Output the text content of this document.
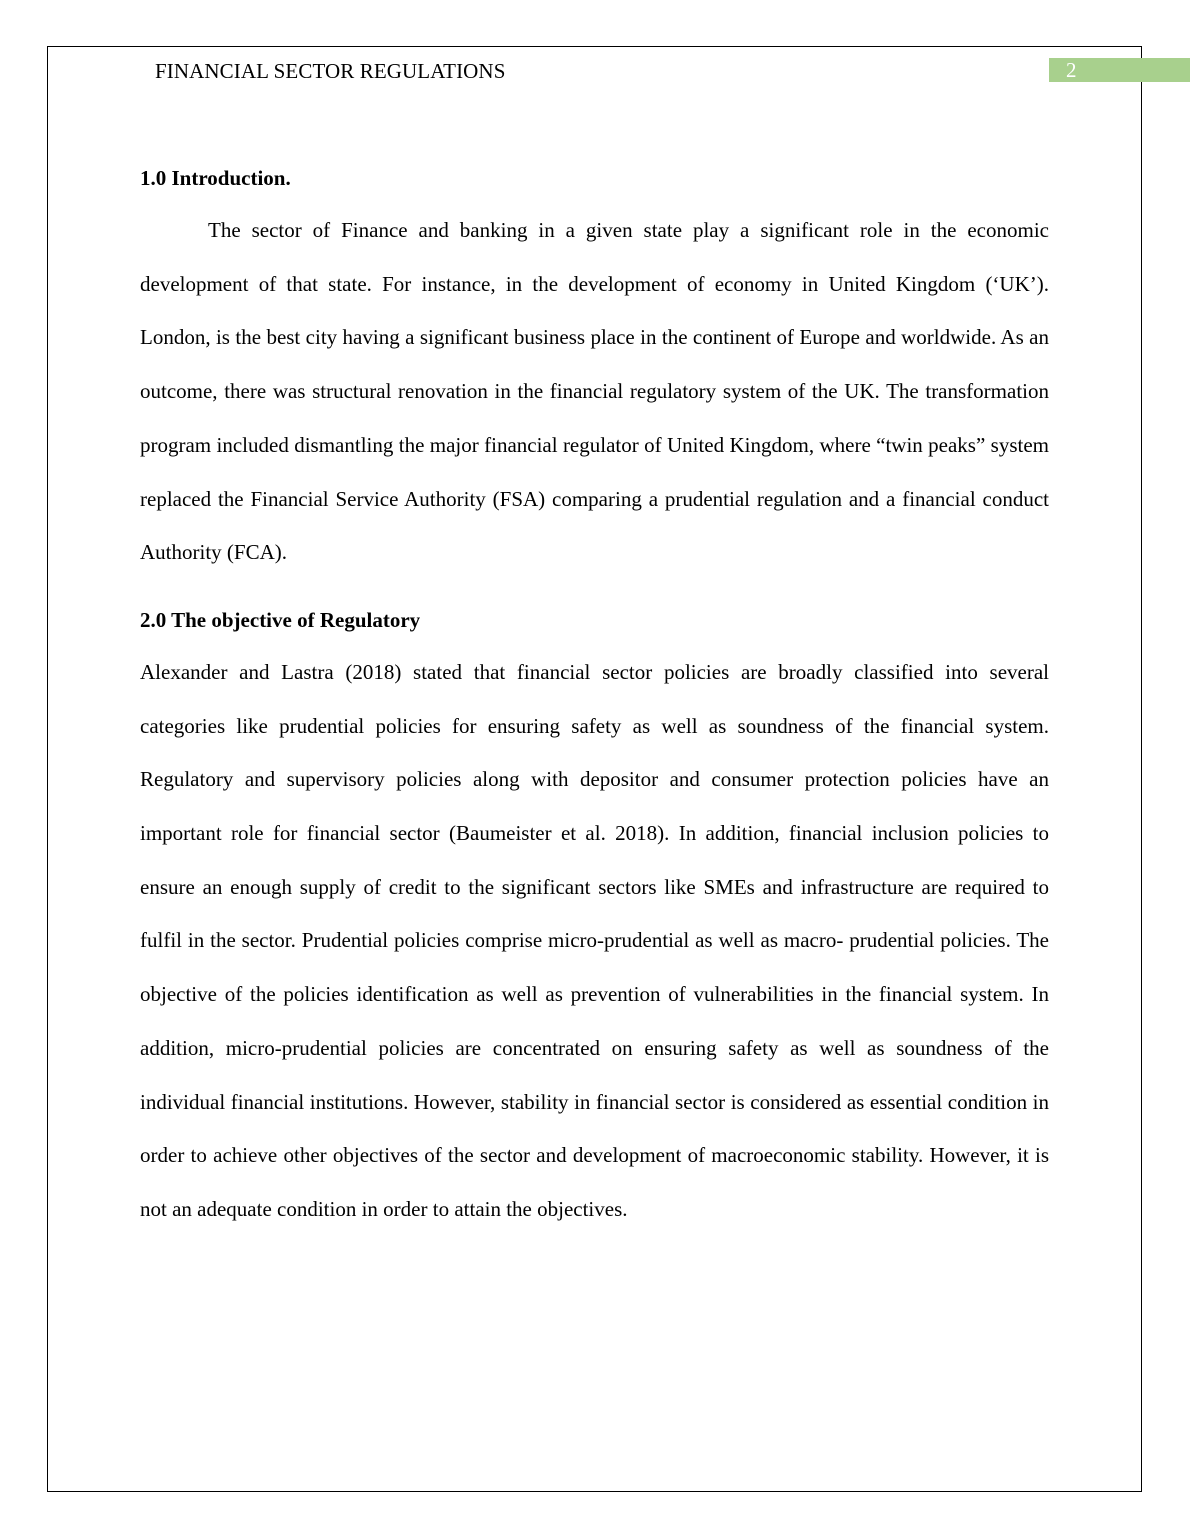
FINANCIAL SECTOR REGULATIONS	2
1.0 Introduction.

The sector of Finance and banking in a given state play a significant role in the economic development of that state. For instance, in the development of economy in United Kingdom (‘UK’). London, is the best city having a significant business place in the continent of Europe and worldwide. As an outcome, there was structural renovation in the financial regulatory system of the UK. The transformation program included dismantling the major financial regulator of United Kingdom, where “twin peaks” system replaced the Financial Service Authority (FSA) comparing a prudential regulation and a financial conduct Authority (FCA).

2.0 The objective of Regulatory

Alexander and Lastra (2018) stated that financial sector policies are broadly classified into several categories like prudential policies for ensuring safety as well as soundness of the financial system. Regulatory and supervisory policies along with depositor and consumer protection policies have an important role for financial sector (Baumeister et al. 2018). In addition, financial inclusion policies to ensure an enough supply of credit to the significant sectors like SMEs and infrastructure are required to fulfil in the sector. Prudential policies comprise micro-prudential as well as macro- prudential policies. The objective of the policies identification as well as prevention of vulnerabilities in the financial system. In addition, micro-prudential policies are concentrated on ensuring safety as well as soundness of the individual financial institutions. However, stability in financial sector is considered as essential condition in order to achieve other objectives of the sector and development of macroeconomic stability. However, it is not an adequate condition in order to attain the objectives.
